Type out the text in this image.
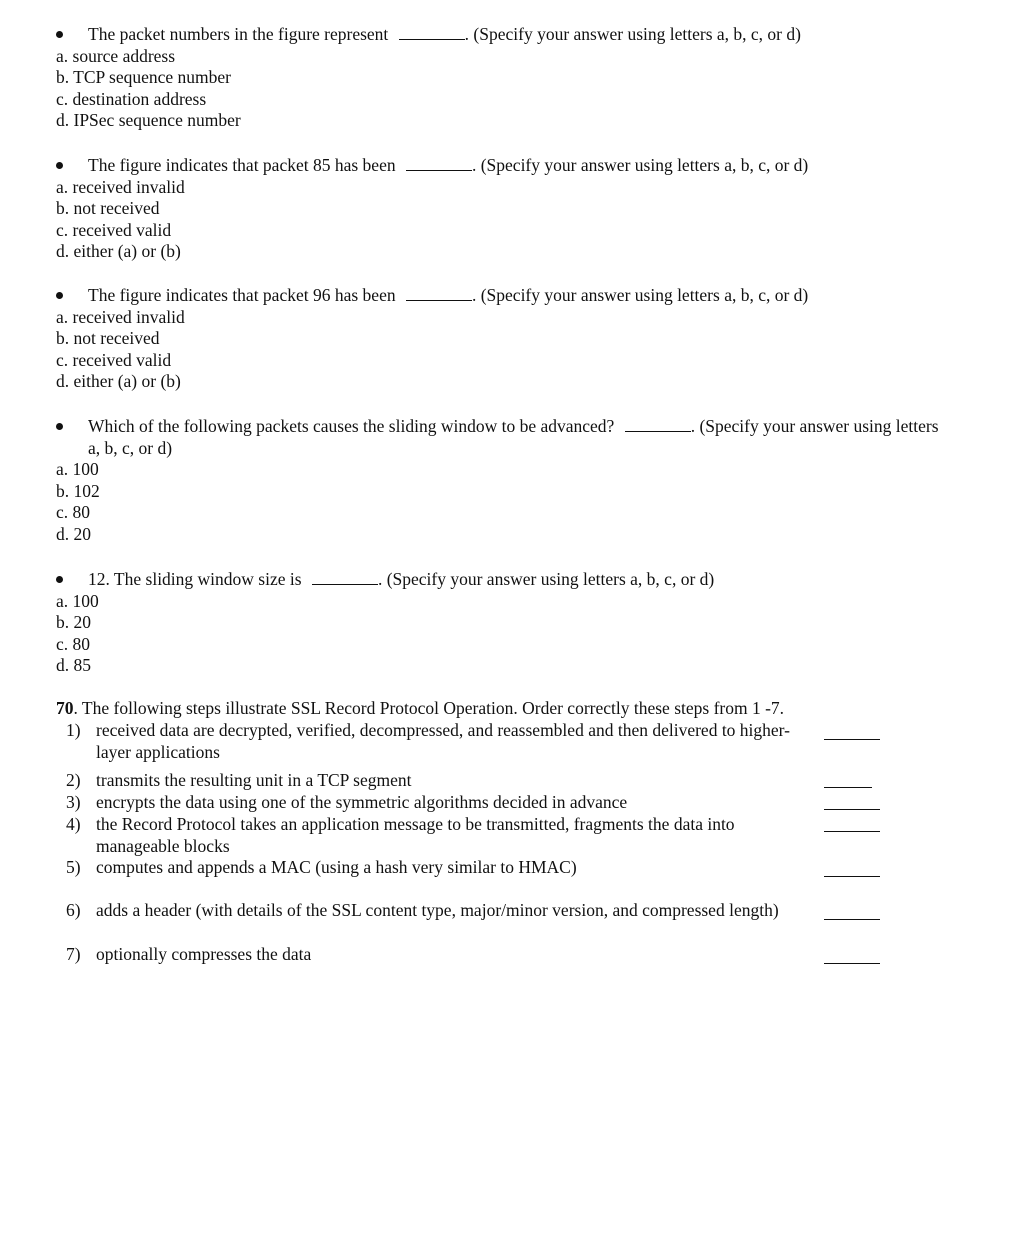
The packet numbers in the figure represent	. (Specify your answer using letters a, b, c, or d)
a. source address
b. TCP sequence number
c. destination address
d. IPSec sequence number
The figure indicates that packet 85 has been	. (Specify your answer using letters a, b, c, or d)
a. received invalid
b. not received
c. received valid
d. either (a) or (b)
The figure indicates that packet 96 has been	. (Specify your answer using letters a, b, c, or d)
a. received invalid
b. not received
c. received valid
d. either (a) or (b)
Which of the following packets causes the sliding window to be advanced?	. (Specify your answer using letters a, b, c, or d)
a. 100
b. 102
c. 80
d. 20
12. The sliding window size is	. (Specify your answer using letters a, b, c, or d)
a. 100
b. 20
c. 80
d. 85
70. The following steps illustrate SSL Record Protocol Operation. Order correctly these steps from 1 -7.
1) received data are decrypted, verified, decompressed, and reassembled and then delivered to higher-layer applications
2) transmits the resulting unit in a TCP segment
3) encrypts the data using one of the symmetric algorithms decided in advance
4) the Record Protocol takes an application message to be transmitted, fragments the data into manageable blocks
5) computes and appends a MAC (using a hash very similar to HMAC)
6) adds a header (with details of the SSL content type, major/minor version, and compressed length)
7) optionally compresses the data
